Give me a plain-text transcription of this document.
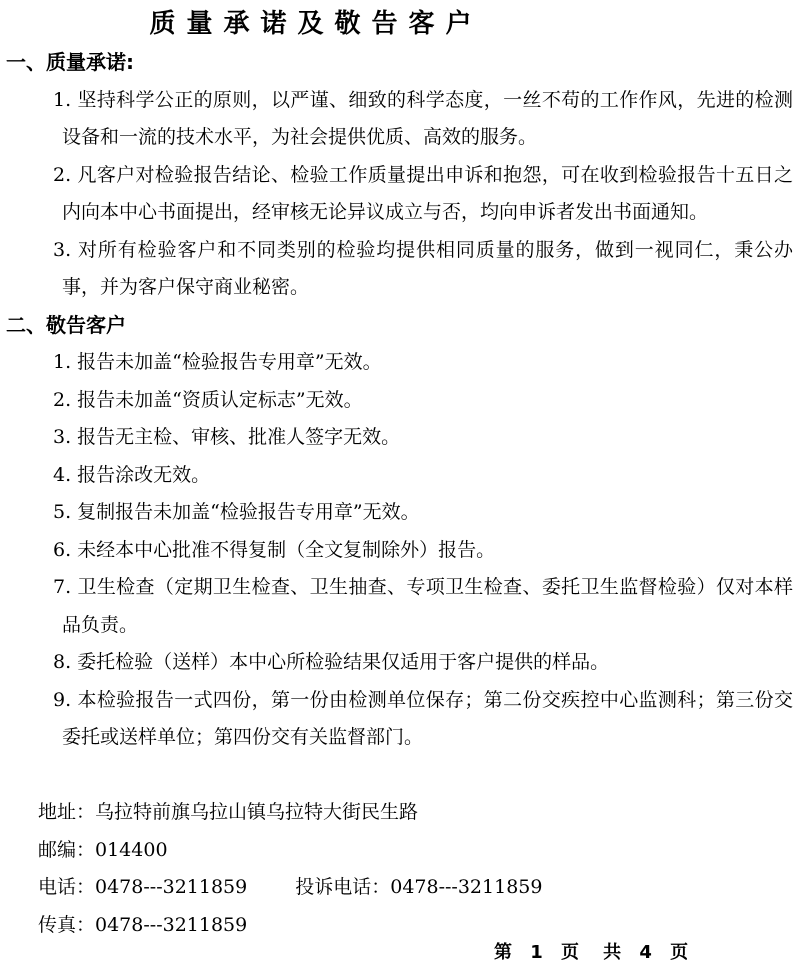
质量承诺及敬告客户

一、质量承诺:

1. 坚持科学公正的原则，以严谨、细致的科学态度，一丝不苟的工作作风，先进的检测设备和一流的技术水平，为社会提供优质、高效的服务。

2. 凡客户对检验报告结论、检验工作质量提出申诉和抱怨，可在收到检验报告十五日之内向本中心书面提出，经审核无论异议成立与否，均向申诉者发出书面通知。

3. 对所有检验客户和不同类别的检验均提供相同质量的服务，做到一视同仁，秉公办事，并为客户保守商业秘密。

二、敬告客户

1. 报告未加盖“检验报告专用章”无效。

2. 报告未加盖“资质认定标志”无效。

3. 报告无主检、审核、批准人签字无效。

4. 报告涂改无效。

5. 复制报告未加盖“检验报告专用章”无效。

6. 未经本中心批准不得复制（全文复制除外）报告。

7. 卫生检查（定期卫生检查、卫生抽查、专项卫生检查、委托卫生监督检验）仅对本样品负责。

8. 委托检验（送样）本中心所检验结果仅适用于客户提供的样品。

9. 本检验报告一式四份，第一份由检测单位保存；第二份交疾控中心监测科；第三份交委托或送样单位；第四份交有关监督部门。

地址：乌拉特前旗乌拉山镇乌拉特大街民生路

邮编：014400

电话：0478---3211859	投诉电话：0478---3211859

传真：0478---3211859

第 1 页 共 4 页
